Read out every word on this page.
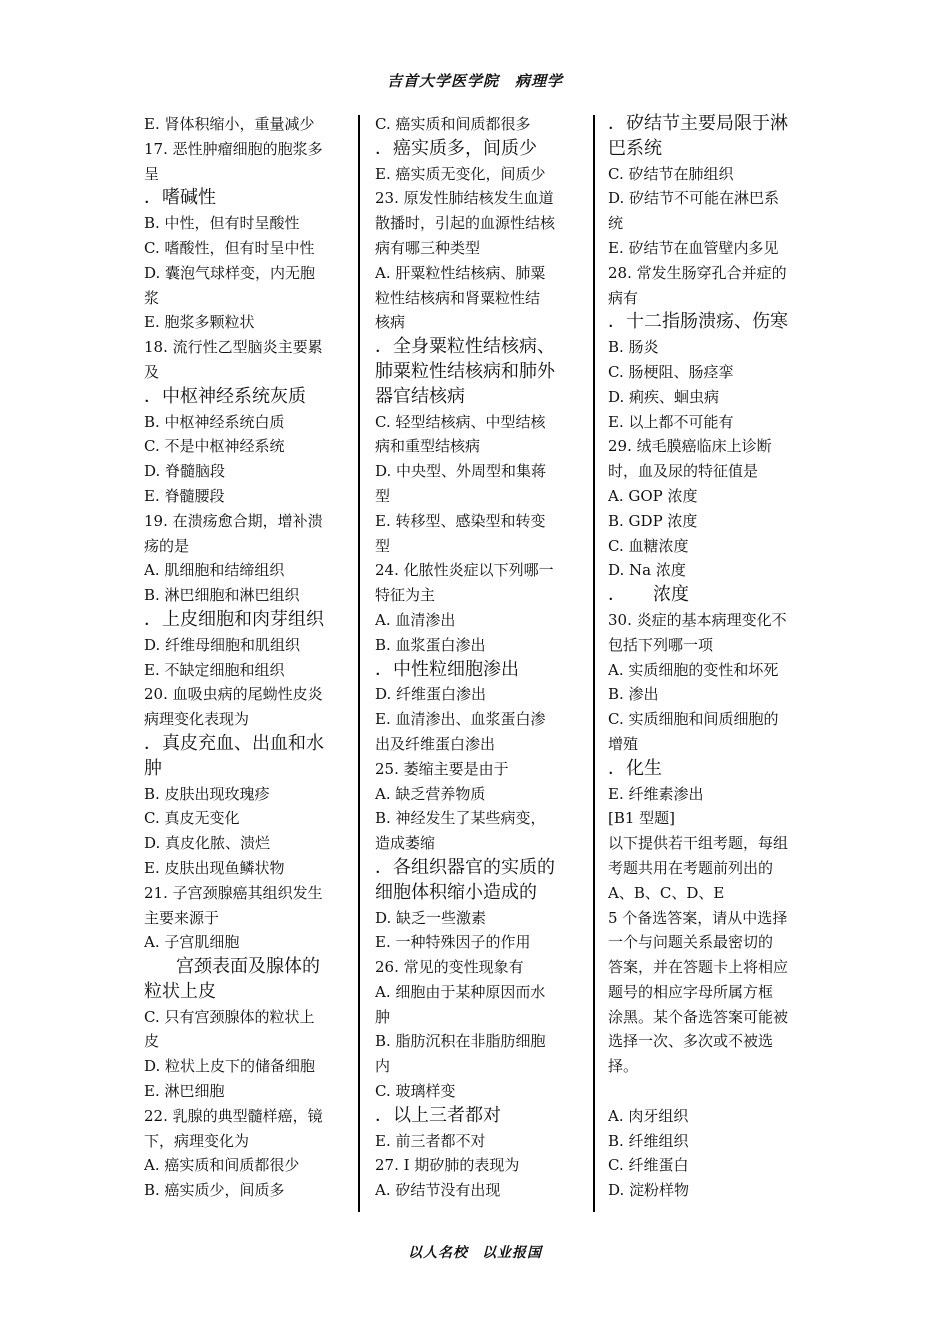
吉首大学医学院 病理学
E. 肾体积缩小，重量减少
17. 恶性肿瘤细胞的胞浆多
呈
．嗜碱性
B. 中性，但有时呈酸性
C. 嗜酸性，但有时呈中性
D. 囊泡气球样变，内无胞
浆
E. 胞浆多颗粒状
18. 流行性乙型脑炎主要累
及
．中枢神经系统灰质
B. 中枢神经系统白质
C. 不是中枢神经系统
D. 脊髓脑段
E. 脊髓腰段
19. 在溃疡愈合期，增补溃
疡的是
A. 肌细胞和结缔组织
B. 淋巴细胞和淋巴组织
．上皮细胞和肉芽组织
D. 纤维母细胞和肌组织
E. 不缺定细胞和组织
20. 血吸虫病的尾蚴性皮炎
病理变化表现为
．真皮充血、出血和水
肿
B. 皮肤出现玫瑰疹
C. 真皮无变化
D. 真皮化脓、溃烂
E. 皮肤出现鱼鳞状物
21. 子宫颈腺癌其组织发生
主要来源于
A. 子宫肌细胞
宫颈表面及腺体的
粒状上皮
C. 只有宫颈腺体的粒状上
皮
D. 粒状上皮下的储备细胞
E. 淋巴细胞
22. 乳腺的典型髓样癌，镜
下，病理变化为
A. 癌实质和间质都很少
B. 癌实质少，间质多
C. 癌实质和间质都很多
．癌实质多，间质少
E. 癌实质无变化，间质少
23. 原发性肺结核发生血道
散播时，引起的血源性结核
病有哪三种类型
A. 肝粟粒性结核病、肺粟
粒性结核病和肾粟粒性结
核病
．全身粟粒性结核病、
肺粟粒性结核病和肺外
器官结核病
C. 轻型结核病、中型结核
病和重型结核病
D. 中央型、外周型和集蒋
型
E. 转移型、感染型和转变
型
24. 化脓性炎症以下列哪一
特征为主
A. 血清渗出
B. 血浆蛋白渗出
．中性粒细胞渗出
D. 纤维蛋白渗出
E. 血清渗出、血浆蛋白渗
出及纤维蛋白渗出
25. 萎缩主要是由于
A. 缺乏营养物质
B. 神经发生了某些病变，
造成萎缩
．各组织器官的实质的
细胞体积缩小造成的
D. 缺乏一些激素
E. 一种特殊因子的作用
26. 常见的变性现象有
A. 细胞由于某种原因而水
肿
B. 脂肪沉积在非脂肪细胞
内
C. 玻璃样变
．以上三者都对
E. 前三者都不对
27. I 期矽肺的表现为
A. 矽结节没有出现
．矽结节主要局限于淋
巴系统
C. 矽结节在肺组织
D. 矽结节不可能在淋巴系
统
E. 矽结节在血管壁内多见
28. 常发生肠穿孔合并症的
病有
．十二指肠溃疡、伤寒
B. 肠炎
C. 肠梗阻、肠痉挛
D. 痢疾、蛔虫病
E. 以上都不可能有
29. 绒毛膜癌临床上诊断
时，血及尿的特征值是
A. GOP 浓度
B. GDP 浓度
C. 血糖浓度
D. Na 浓度
．　　浓度
30. 炎症的基本病理变化不
包括下列哪一项
A. 实质细胞的变性和坏死
B. 渗出
C. 实质细胞和间质细胞的
增殖
．化生
E. 纤维素渗出
[B1 型题]
以下提供若干组考题，每组
考题共用在考题前列出的
A、B、C、D、E
5 个备选答案，请从中选择
一个与问题关系最密切的
答案，并在答题卡上将相应
题号的相应字母所属方框
涂黑。某个备选答案可能被
选择一次、多次或不被选
择。

A. 肉牙组织
B. 纤维组织
C. 纤维蛋白
D. 淀粉样物
以人名校 以业报国
